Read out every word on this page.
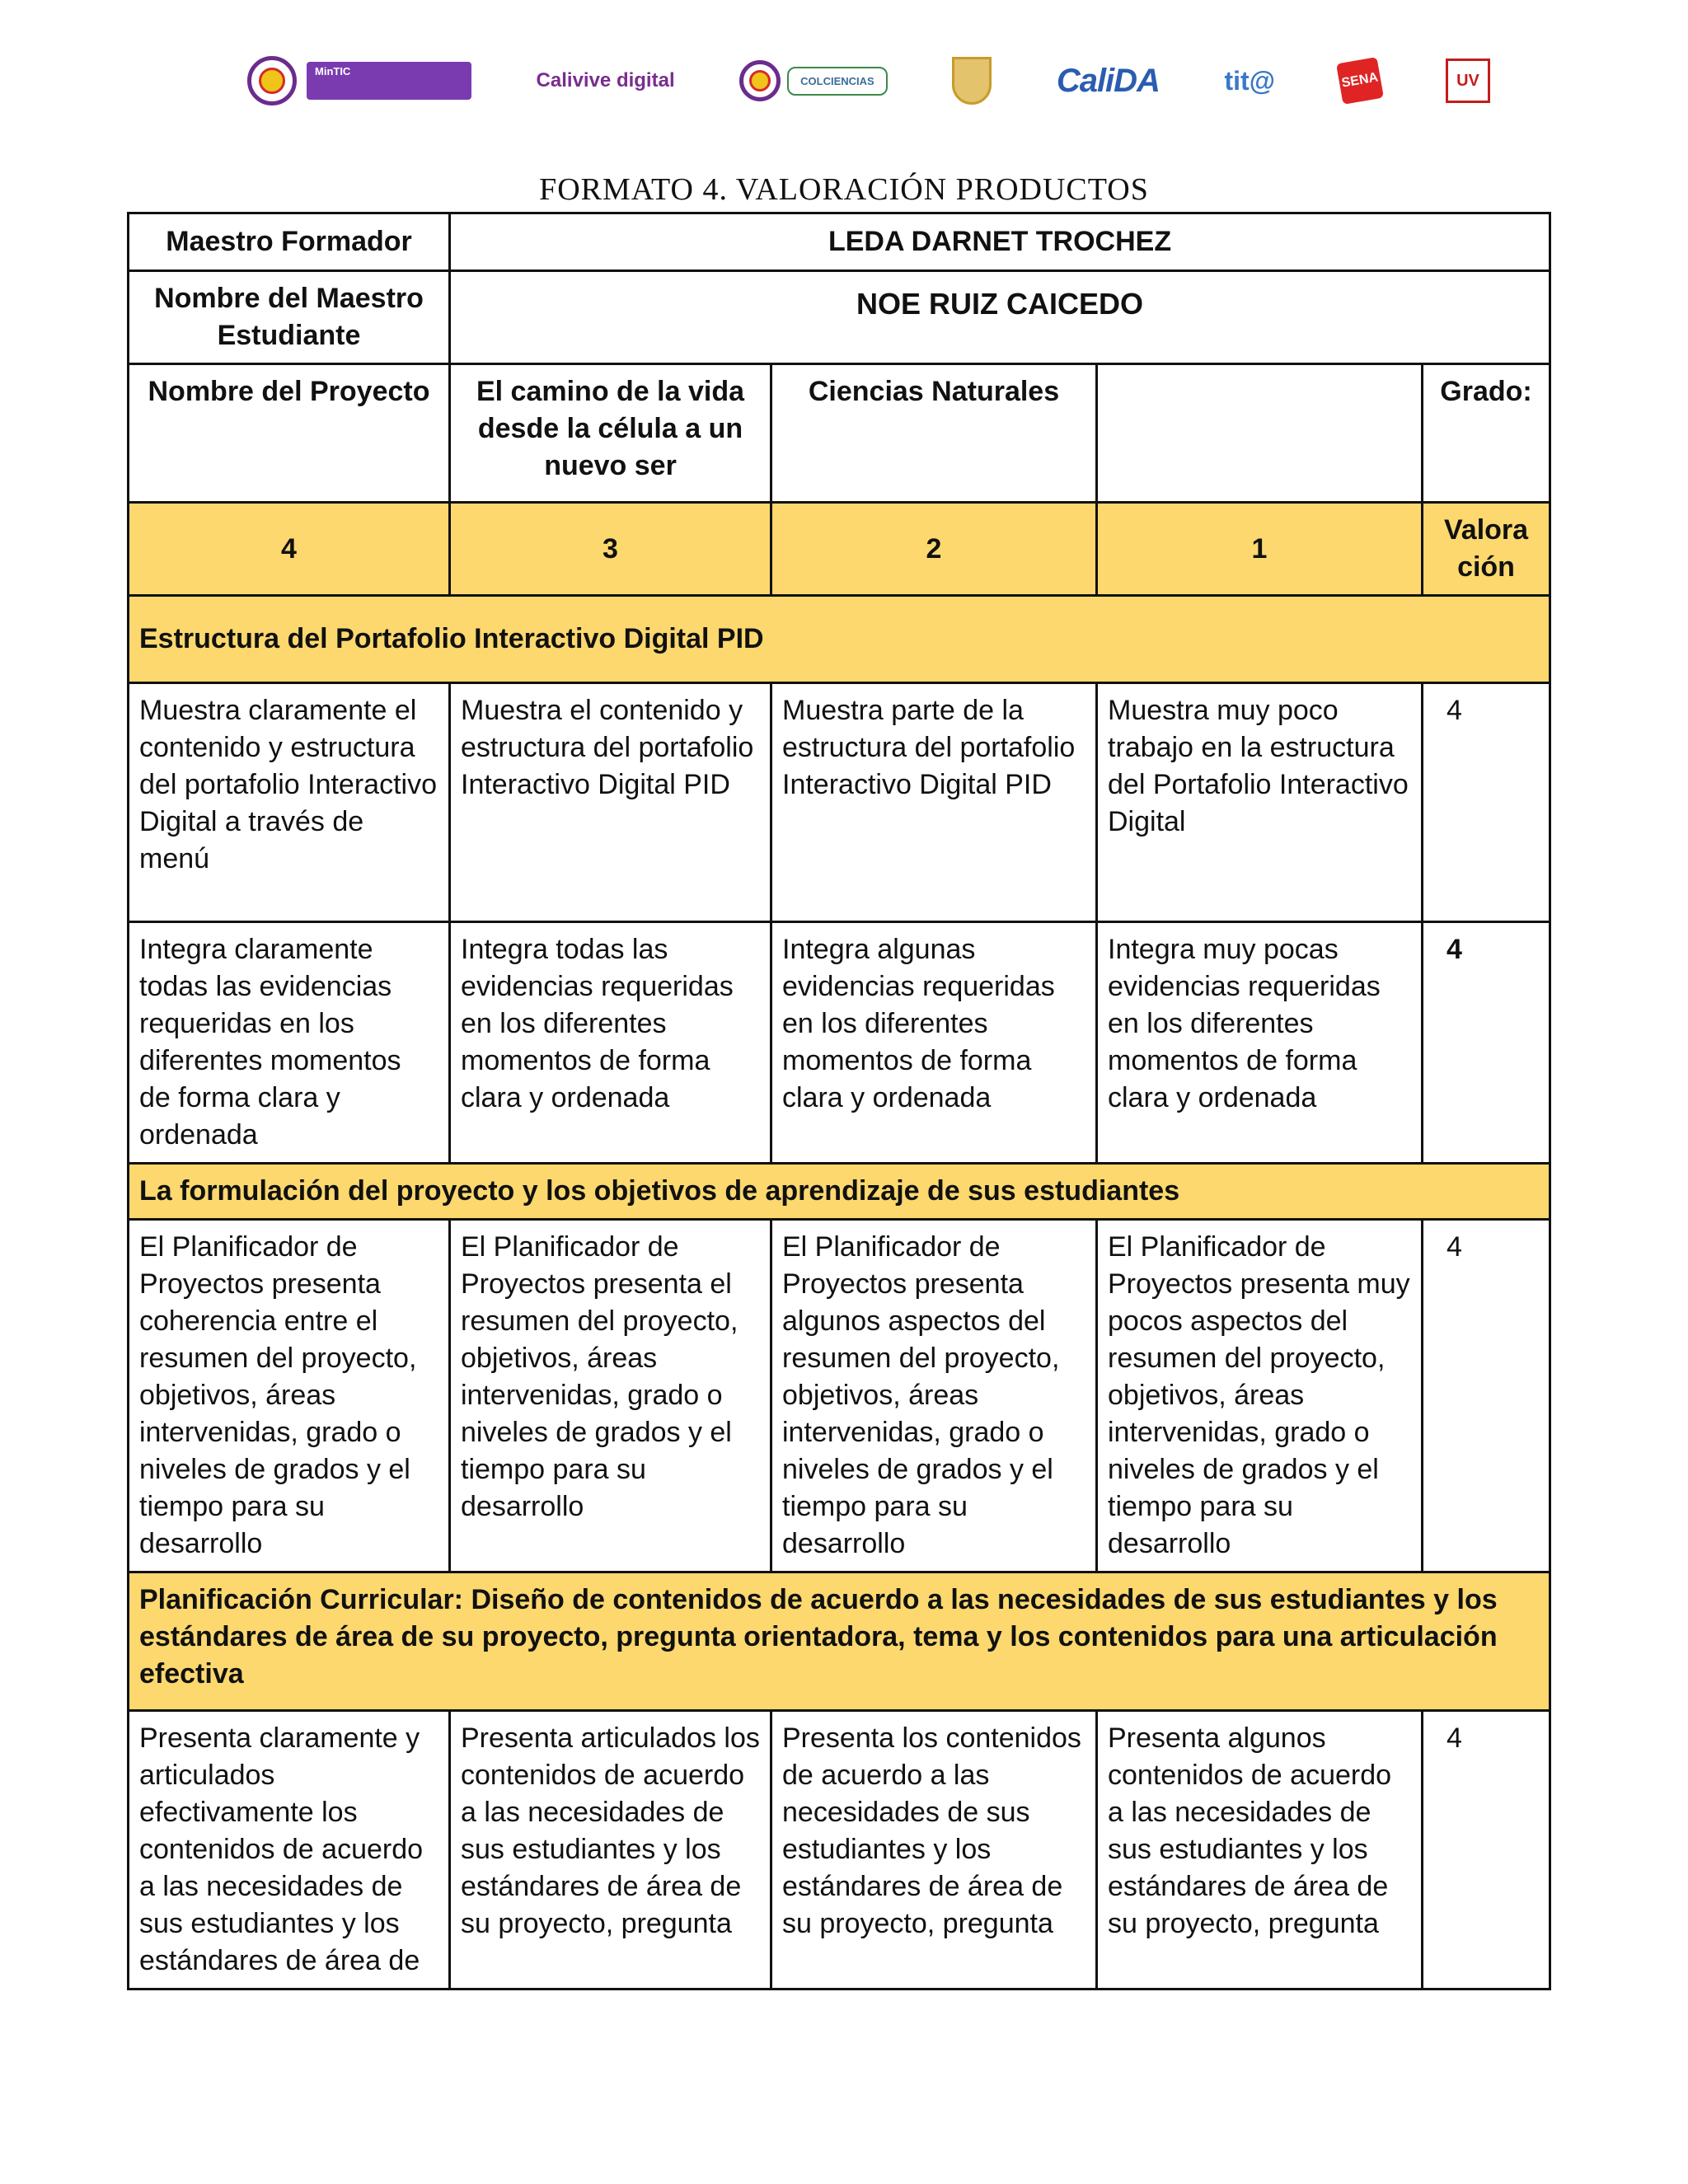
MinTIC	Calivive digital	COLCIENCIAS	CaliDA tit@	SENA	UV
FORMATO 4. VALORACIÓN PRODUCTOS
Maestro Formador	LEDA DARNET TROCHEZ			
Nombre del Maestro Estudiante	NOE RUIZ CAICEDO			
Nombre del Proyecto	El camino de la vida desde la célula a un nuevo ser	Ciencias Naturales		Grado:
4	3	2	1	Valora ción
Estructura del Portafolio Interactivo Digital PID				
Muestra claramente el contenido y estructura del portafolio Interactivo Digital a través de menú	Muestra el contenido y estructura del portafolio Interactivo Digital PID	Muestra parte de la estructura del portafolio Interactivo Digital PID	Muestra muy poco trabajo en la estructura del Portafolio Interactivo Digital	4
Integra claramente todas las evidencias requeridas en los diferentes momentos de forma clara y ordenada	Integra todas las evidencias requeridas en los diferentes momentos de forma clara y ordenada	Integra algunas evidencias requeridas en los diferentes momentos de forma clara y ordenada	Integra muy pocas evidencias requeridas en los diferentes momentos de forma clara y ordenada	4
La formulación del proyecto y los objetivos de aprendizaje de sus estudiantes				
El Planificador de Proyectos presenta coherencia entre el resumen del proyecto, objetivos, áreas intervenidas, grado o niveles de grados y el tiempo para su desarrollo	El Planificador de Proyectos presenta el resumen del proyecto, objetivos, áreas intervenidas, grado o niveles de grados y el tiempo para su desarrollo	El Planificador de Proyectos presenta algunos aspectos del resumen del proyecto, objetivos, áreas intervenidas, grado o niveles de grados y el tiempo para su desarrollo	El Planificador de Proyectos presenta muy pocos aspectos del resumen del proyecto, objetivos, áreas intervenidas, grado o niveles de grados y el tiempo para su desarrollo	4
Planificación Curricular: Diseño de contenidos de acuerdo a las necesidades de sus estudiantes y los estándares de área de su proyecto, pregunta orientadora, tema y los contenidos para una articulación efectiva				
Presenta claramente y articulados efectivamente los contenidos de acuerdo a las necesidades de sus estudiantes y los estándares de área de	Presenta articulados los contenidos de acuerdo a las necesidades de sus estudiantes y los estándares de área de su proyecto, pregunta	Presenta los contenidos de acuerdo a las necesidades de sus estudiantes y los estándares de área de su proyecto, pregunta	Presenta algunos contenidos de acuerdo a las necesidades de sus estudiantes y los estándares de área de su proyecto, pregunta	4
